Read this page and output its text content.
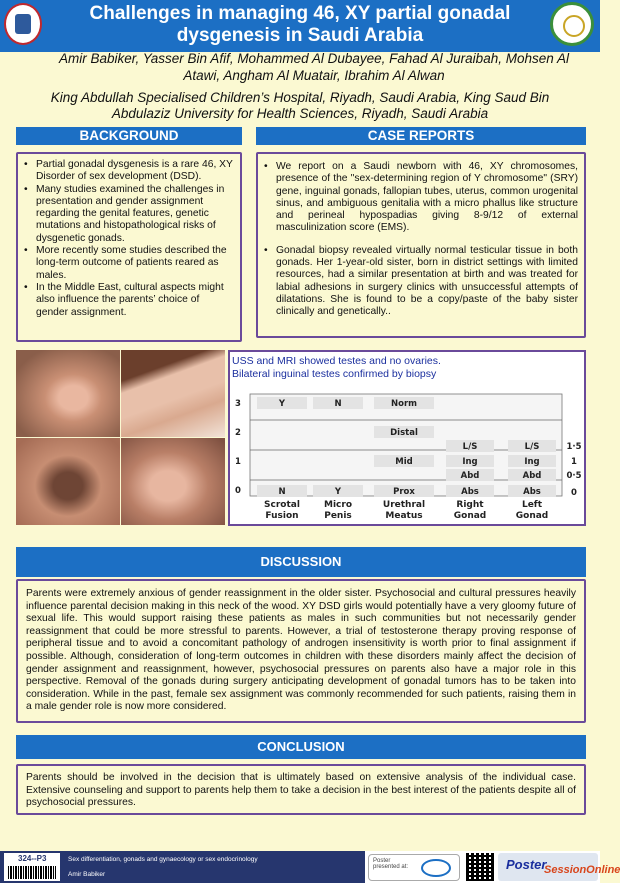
Challenges in managing 46, XY partial gonadal dysgenesis in Saudi Arabia
Amir Babiker, Yasser Bin Afif, Mohammed Al Dubayee, Fahad Al Juraibah, Mohsen Al Atawi, Angham Al Muatair, Ibrahim Al Alwan
King Abdullah Specialised Children’s Hospital, Riyadh, Saudi Arabia, King Saud Bin Abdulaziz University for Health Sciences, Riyadh, Saudi Arabia
BACKGROUND
• Partial gonadal dysgenesis is a rare 46, XY Disorder of sex development (DSD).
• Many studies examined the challenges in presentation and gender assignment regarding the genital features, genetic mutations and histopathological risks of dysgenetic gonads.
• More recently some studies described the long-term outcome of patients reared as males.
• In the Middle East, cultural aspects might also influence the parents’ choice of gender assignment.
CASE REPORTS
• We report on a Saudi newborn with 46, XY chromosomes, presence of the "sex-determining region of Y chromosome" (SRY) gene, inguinal gonads, fallopian tubes, uterus, common urogenital sinus, and ambiguous genitalia with a micro phallus like structure and perineal hypospadias giving 8-9/12 of external masculinization score (EMS).
• Gonadal biopsy revealed virtually normal testicular tissue in both gonads. Her 1-year-old sister, born in district settings with limited resources, had a similar presentation at birth and was treated for labial adhesions in surgery clinics with unsuccessful attempts of dilatations. She is found to be a copy/paste of the baby sister clinically and genetically..
USS and MRI showed testes and no ovaries.
Bilateral inguinal testes confirmed by biopsy
Y
N
N
Y
Norm
Distal
Mid
Prox
L/S
Ing
Abd
Abs
L/S
Ing
Abd
Abs
0
1
2
3
0
0·5
1
1·5
Scrotal
Fusion
Micro
Penis
Urethral
Meatus
Right
Gonad
Left
Gonad
DISCUSSION

Parents were extremely anxious of gender reassignment in the older sister. Psychosocial and cultural pressures heavily influence parental decision making in this neck of the wood. XY DSD girls would potentially have a very gloomy future of sexual life. This would support raising these patients as males in such communities but not necessarily gender reassignment that could be more stressful to parents. However, a trial of testosterone therapy proving response of peripheral tissue and to avoid a concomitant pathology of androgen insensitivity is worth prior to final assignment if possible. Although, consideration of long-term outcomes in children with these disorders mainly affect the decision of gender assignment and reassignment, however, psychosocial pressures on parents also have a major role in this perspective. Removal of the gonads during surgery anticipating development of gonadal tumors has to be taken into consideration. While in the past, female sex assignment was commonly recommended for such patients, raising them in a male gender role is now more considered.

CONCLUSION

Parents should be involved in the decision that is ultimately based on extensive analysis of the individual case. Extensive counseling and support to parents help them to take a decision in the best interest of the patients despite all of psychosocial pressures.

324--P3	Sex differentiation, gonads and gynaecology or sex endocrinology
Amir Babiker
Poster
presented at:	Poster
SessionOnline
